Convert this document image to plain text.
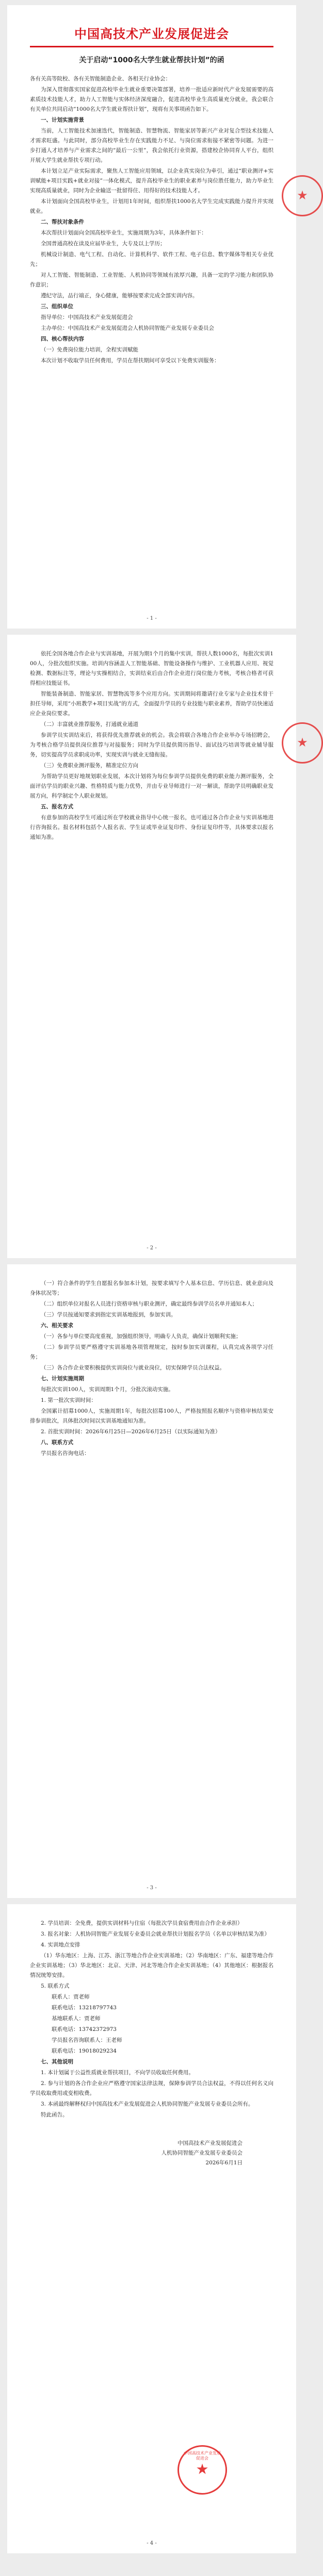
中国高技术产业发展促进会
关于启动“1000名大学生就业帮扶计划”的函
各有关高等院校、各有关智能制造企业、各相关行业协会：
为深入贯彻落实国家促进高校毕业生就业重要决策部署，培养一批适应新时代产业发展需要的高素质技术技能人才，助力人工智能与实体经济深度融合，促进高校毕业生高质量充分就业，我会联合有关单位共同启动“1000名大学生就业帮扶计划”，现将有关事项函告如下。
一、计划实施背景
当前，人工智能技术加速迭代，智能制造、智慧物流、智能家居等新兴产业对复合型技术技能人才需求旺盛。与此同时，部分高校毕业生存在实践能力不足、与岗位需求衔接不紧密等问题。为进一步打通人才培养与产业需求之间的“最后一公里”，我会依托行业资源，搭建校企协同育人平台，组织开展大学生就业帮扶专项行动。
本计划立足产业实际需求，聚焦人工智能应用领域，以企业真实岗位为牵引，通过“职业测评+实训赋能+项目实践+就业对接”一体化模式，提升高校毕业生的职业素养与岗位胜任能力，助力毕业生实现高质量就业，同时为企业输送一批留得住、用得好的技术技能人才。
本计划面向全国高校毕业生，计划用1年时间，组织帮扶1000名大学生完成实践能力提升并实现就业。
二、帮扶对象条件
本次帮扶计划面向全国高校毕业生，实施周期为3年，具体条件如下：
全国普通高校在读及应届毕业生，大专及以上学历；
机械设计制造、电气工程、自动化、计算机科学、软件工程、电子信息、数字媒体等相关专业优先；
对人工智能、智能制造、工业智能、人机协同等领域有浓厚兴趣，具备一定的学习能力和团队协作意识；
遵纪守法，品行端正，身心健康，能够按要求完成全部实训内容。
三、组织单位
指导单位：中国高技术产业发展促进会
主办单位：中国高技术产业发展促进会人机协同智能产业发展专业委员会
四、核心帮扶内容
（一）免费岗位能力培训，全程实训赋能
本次计划不收取学员任何费用，学员在帮扶期间可享受以下免费实训服务：
★
- 1 -
依托全国各地合作企业与实训基地，开展为期1个月的集中实训，帮扶人数1000名，每批次实训100人，分批次组织实施。培训内容涵盖人工智能基础、智能设备操作与维护、工业机器人应用、视觉检测、数据标注等，理论与实操相结合，实训结束后由合作企业进行岗位能力考核，考核合格者可获得相应技能证书。
智能装备制造、智能家居、智慧物流等多个应用方向。实训期间将邀请行业专家与企业技术骨干担任导师，采用“小班教学+项目实战”的方式，全面提升学员的专业技能与职业素养，帮助学员快速适应企业岗位要求。
（二）丰富就业推荐服务，打通就业通道
参训学员实训结束后，将获得优先推荐就业的机会。我会将联合各地合作企业举办专场招聘会，为考核合格学员提供岗位推荐与对接服务；同时为学员提供简历指导、面试技巧培训等就业辅导服务，切实提高学员求职成功率，实现实训与就业无缝衔接。
（三）免费职业测评服务，精准定位方向
为帮助学员更好地规划职业发展，本次计划将为每位参训学员提供免费的职业能力测评服务，全面评估学员的职业兴趣、性格特质与能力优势，并由专业导师进行一对一解读，帮助学员明确职业发展方向，科学制定个人职业规划。
五、报名方式
有意参加的高校学生可通过所在学校就业指导中心统一报名，也可通过各合作企业与实训基地进行咨询报名。报名材料包括个人报名表、学生证或毕业证复印件、身份证复印件等，具体要求以报名通知为准。
★
- 2 -
（一）符合条件的学生自愿报名参加本计划，按要求填写个人基本信息、学历信息、就业意向及身体状况等；
（二）组织单位对报名人员进行资格审核与职业测评，确定最终参训学员名单并通知本人；
（三）学员按通知要求到指定实训基地报到，参加实训。
六、相关要求
（一）各参与单位要高度重视，加强组织领导，明确专人负责，确保计划顺利实施；
（二）参训学员要严格遵守实训基地各项管理规定，按时参加实训课程，认真完成各项学习任务；
（三）各合作企业要积极提供实训岗位与就业岗位，切实保障学员合法权益。
七、计划实施周期
每批次实训100人，实训周期1个月，分批次滚动实施。
1. 第一批次实训时间：
全国累计招募1000人，实施周期1年，每批次招募100人，严格按照报名顺序与资格审核结果安排参训批次，具体批次时间以实训基地通知为准。
2. 首批实训时间：2026年6月25日—2026年6月25日（以实际通知为准）
八、联系方式
学员报名咨询电话：
- 3 -
2. 学员培训：全免费，提供实训材料与住宿（每批次学员食宿费用由合作企业承担）
3. 报名对象：人机协同智能产业发展专业委员会就业帮扶计划报名学员（名单以审核结果为准）
4. 实训地点安排
（1）华东地区：上海、江苏、浙江等地合作企业实训基地；（2）华南地区：广东、福建等地合作企业实训基地；（3）华北地区：北京、天津、河北等地合作企业实训基地；（4）其他地区：根据报名情况统筹安排。
5. 联系方式
联系人：贾老师
联系电话：13218797743
基地联系人：贾老师
联系电话：13742372973
学员报名咨询联系人：王老师
联系电话：19018029234
七、其他说明
1. 本计划属于公益性质就业帮扶项目，不向学员收取任何费用。
2. 参与计划的各合作企业应严格遵守国家法律法规，保障参训学员合法权益，不得以任何名义向学员收取费用或变相收费。
3. 本函最终解释权归中国高技术产业发展促进会人机协同智能产业发展专业委员会所有。
特此函告。
中国高技术产业发展促进会
人机协同智能产业发展专业委员会
2026年6月1日
中国高技术产业发展促进会
★
- 4 -
